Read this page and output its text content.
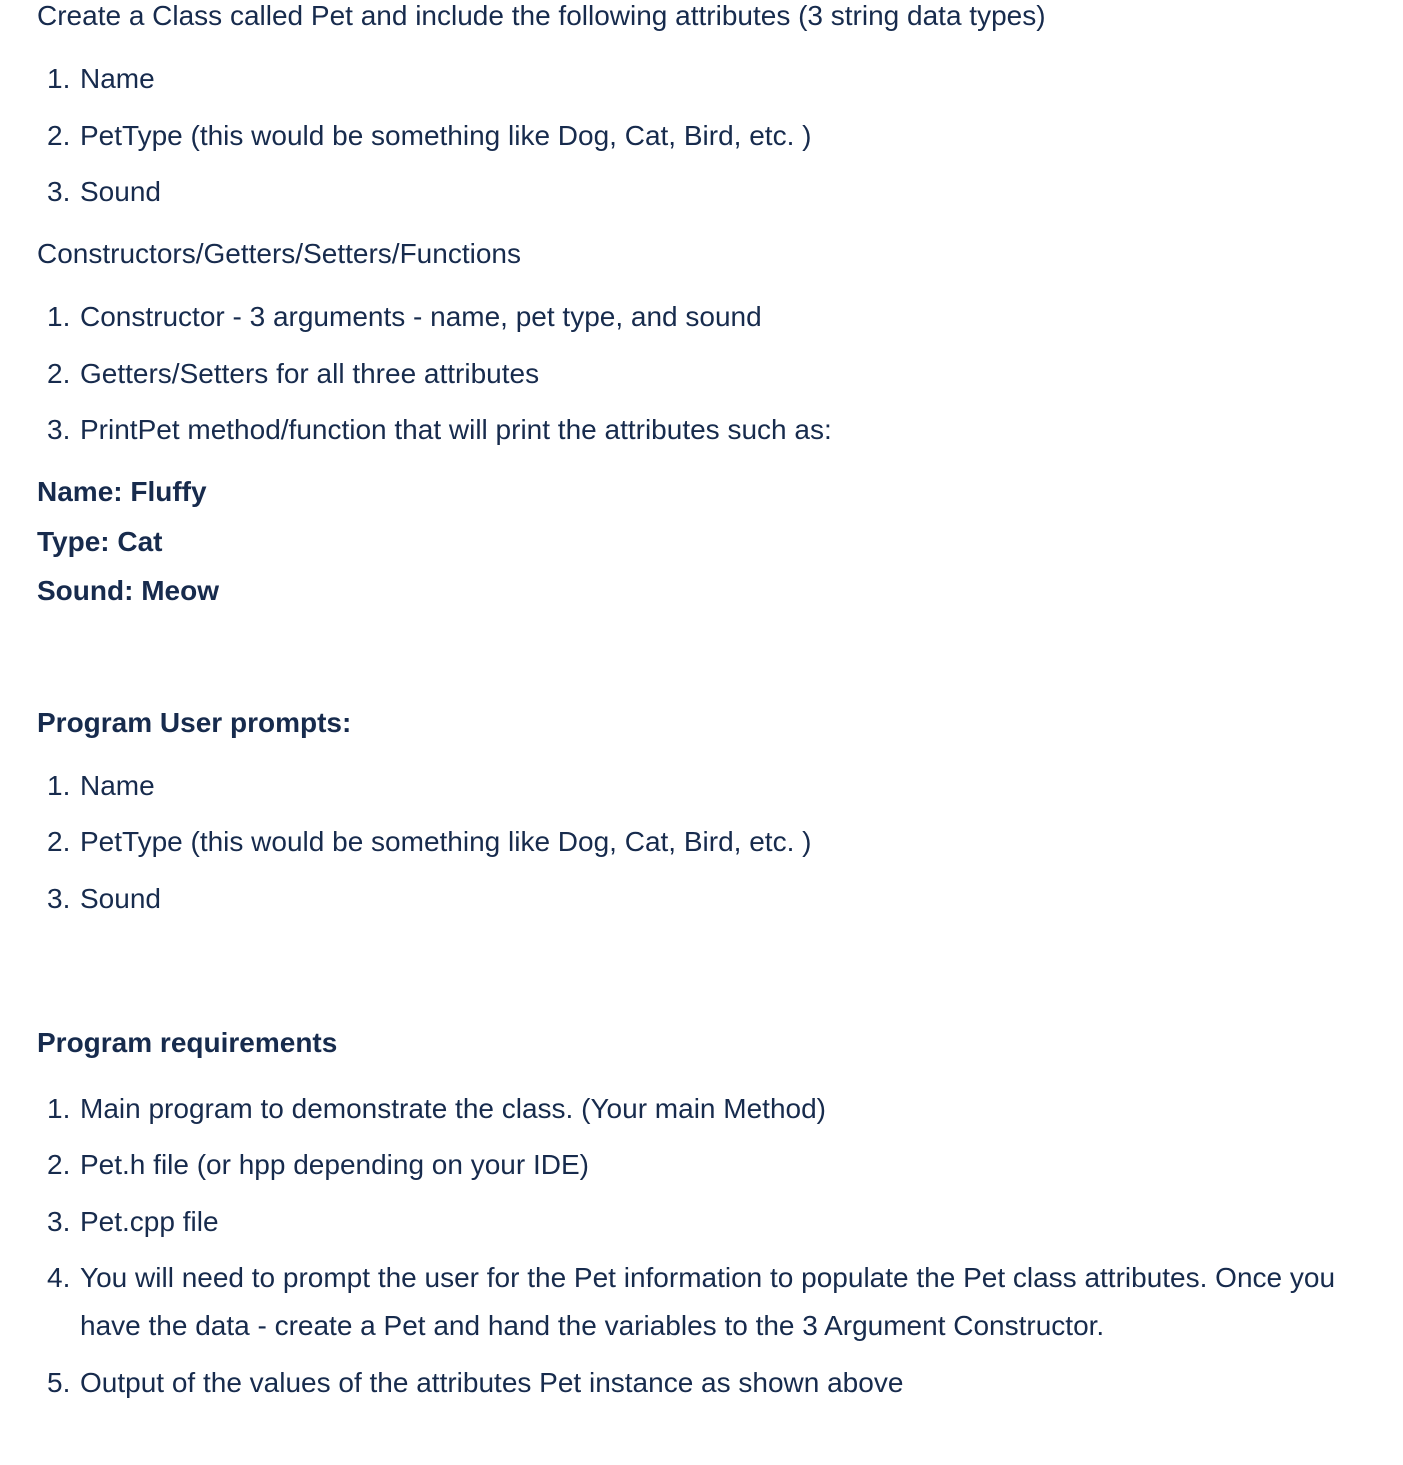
Create a Class called Pet and include the following attributes (3 string data types)

1. Name
2. PetType (this would be something like Dog, Cat, Bird, etc. )
3. Sound

Constructors/Getters/Setters/Functions

1. Constructor - 3 arguments - name, pet type, and sound
2. Getters/Setters for all three attributes
3. PrintPet method/function that will print the attributes such as:

Name: Fluffy

Type: Cat

Sound: Meow

Program User prompts:

1. Name
2. PetType (this would be something like Dog, Cat, Bird, etc. )
3. Sound

Program requirements

1. Main program to demonstrate the class. (Your main Method)
2. Pet.h file (or hpp depending on your IDE)
3. Pet.cpp file
4. You will need to prompt the user for the Pet information to populate the Pet class attributes. Once you have the data - create a Pet and hand the variables to the 3 Argument Constructor.
5. Output of the values of the attributes Pet instance as shown above
